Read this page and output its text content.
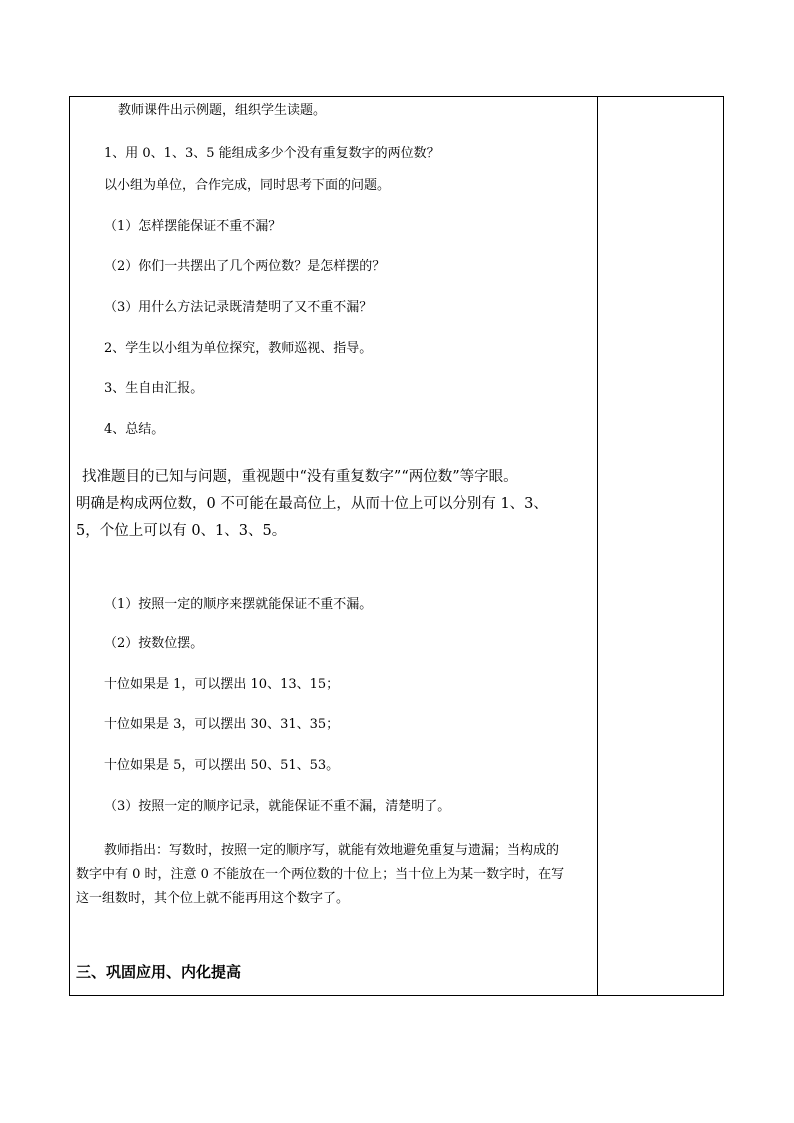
教师课件出示例题，组织学生读题。
1、用 0、1、3、5 能组成多少个没有重复数字的两位数？
以小组为单位，合作完成，同时思考下面的问题。
（1）怎样摆能保证不重不漏？
（2）你们一共摆出了几个两位数？是怎样摆的？
（3）用什么方法记录既清楚明了又不重不漏？
2、学生以小组为单位探究，教师巡视、指导。
3、生自由汇报。
4、总结。
找准题目的已知与问题，重视题中“没有重复数字”“两位数”等字眼。
明确是构成两位数，0 不可能在最高位上，从而十位上可以分别有 1、3、
5，个位上可以有 0、1、3、5。
（1）按照一定的顺序来摆就能保证不重不漏。
（2）按数位摆。
十位如果是 1，可以摆出 10、13、15；
十位如果是 3，可以摆出 30、31、35；
十位如果是 5，可以摆出 50、51、53。
（3）按照一定的顺序记录，就能保证不重不漏，清楚明了。
教师指出：写数时，按照一定的顺序写，就能有效地避免重复与遗漏；当构成的
数字中有 0 时，注意 0 不能放在一个两位数的十位上；当十位上为某一数字时，在写
这一组数时，其个位上就不能再用这个数字了。
三、巩固应用、内化提高
